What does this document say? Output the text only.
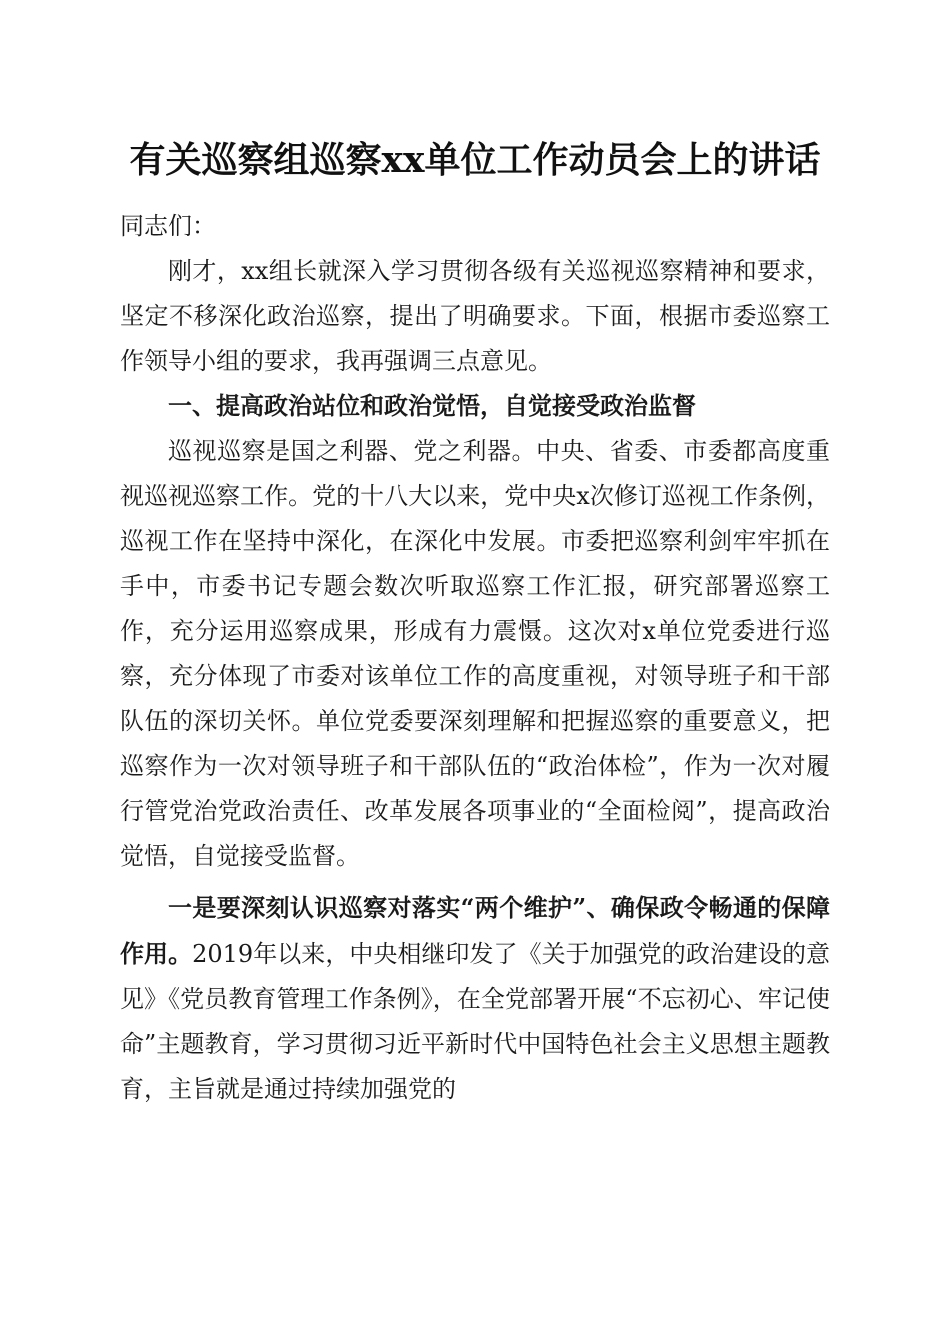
有关巡察组巡察xx单位工作动员会上的讲话

同志们：

刚才，xx组长就深入学习贯彻各级有关巡视巡察精神和要求，坚定不移深化政治巡察，提出了明确要求。下面，根据市委巡察工作领导小组的要求，我再强调三点意见。

一、提高政治站位和政治觉悟，自觉接受政治监督

巡视巡察是国之利器、党之利器。中央、省委、市委都高度重视巡视巡察工作。党的十八大以来，党中央x次修订巡视工作条例，巡视工作在坚持中深化，在深化中发展。市委把巡察利剑牢牢抓在手中，市委书记专题会数次听取巡察工作汇报，研究部署巡察工作，充分运用巡察成果，形成有力震慑。这次对x单位党委进行巡察，充分体现了市委对该单位工作的高度重视，对领导班子和干部队伍的深切关怀。单位党委要深刻理解和把握巡察的重要意义，把巡察作为一次对领导班子和干部队伍的“政治体检”，作为一次对履行管党治党政治责任、改革发展各项事业的“全面检阅”，提高政治觉悟，自觉接受监督。

一是要深刻认识巡察对落实“两个维护”、确保政令畅通的保障作用。2019年以来，中央相继印发了《关于加强党的政治建设的意见》《党员教育管理工作条例》，在全党部署开展“不忘初心、牢记使命”主题教育，学习贯彻习近平新时代中国特色社会主义思想主题教育，主旨就是通过持续加强党的
